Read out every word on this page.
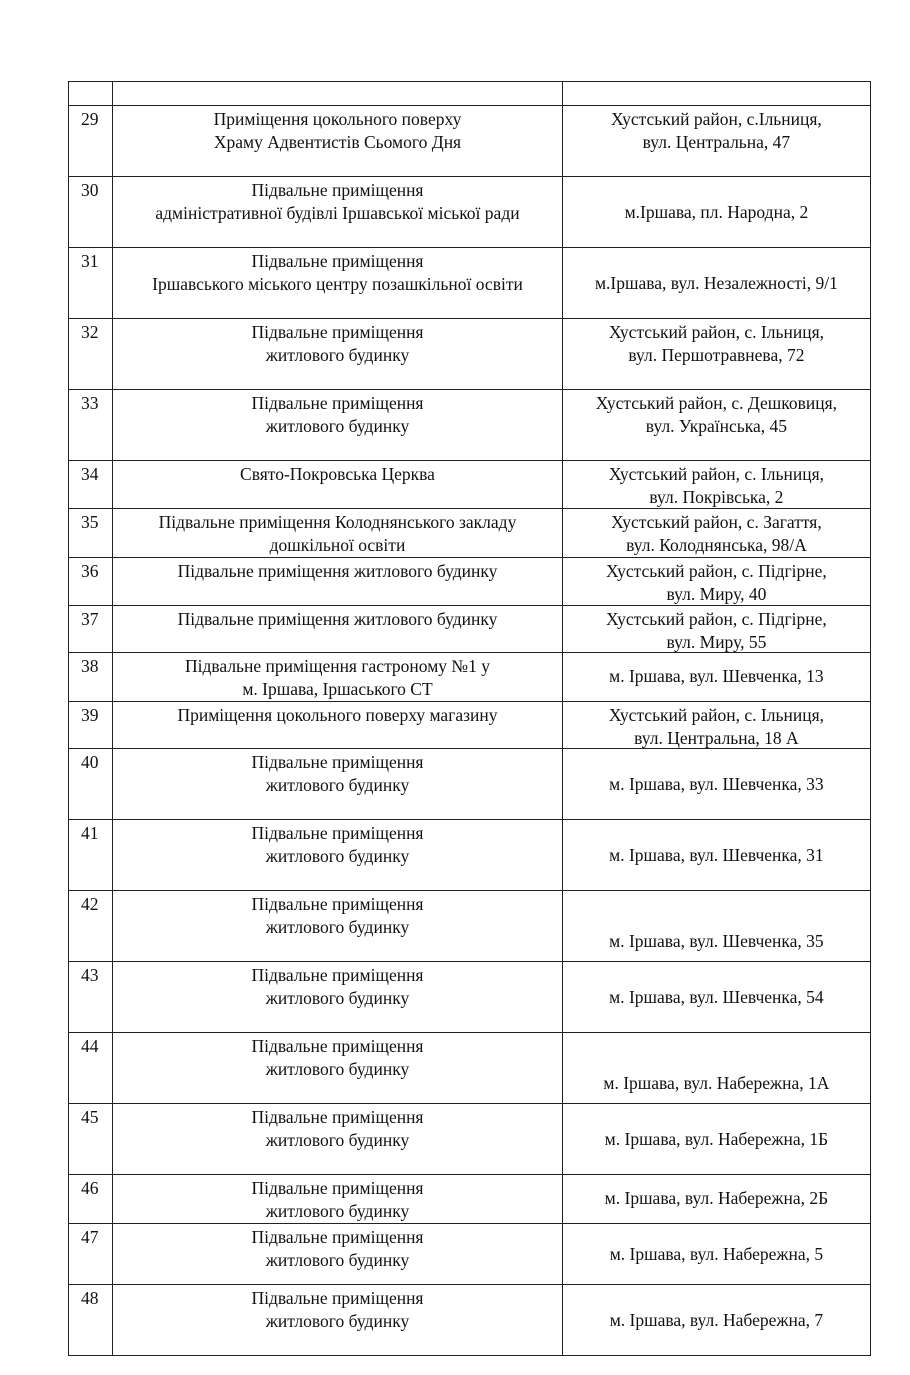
29	Приміщення цокольного поверху
Храму Адвентистів Сьомого Дня	Хустський район, с.Ільниця,
вул. Центральна, 47

30	Підвальне приміщення
адміністративної будівлі Іршавської міської ради	м.Іршава, пл. Народна, 2

31	Підвальне приміщення
Іршавського міського центру позашкільної освіти	м.Іршава, вул. Незалежності, 9/1

32	Підвальне приміщення
житлового будинку	Хустський район, с. Ільниця,
вул. Першотравнева, 72

33	Підвальне приміщення
житлового будинку	Хустський район, с. Дешковиця,
вул. Українська, 45

34	Свято-Покровська Церква	Хустський район, с. Ільниця,
вул. Покрівська, 2

35	Підвальне приміщення Колоднянського закладу
дошкільної освіти	Хустський район, с. Загаття,
вул. Колоднянська, 98/А

36	Підвальне приміщення житлового будинку	Хустський район, с. Підгірне,
вул. Миру, 40

37	Підвальне приміщення житлового будинку	Хустський район, с. Підгірне,
вул. Миру, 55

38	Підвальне приміщення гастроному №1 у
м. Іршава, Іршаського СТ	м. Іршава, вул. Шевченка, 13

39	Приміщення цокольного поверху магазину	Хустський район, с. Ільниця,
вул. Центральна, 18 А

40	Підвальне приміщення
житлового будинку	м. Іршава, вул. Шевченка, 33

41	Підвальне приміщення
житлового будинку	м. Іршава, вул. Шевченка, 31

42	Підвальне приміщення
житлового будинку	м. Іршава, вул. Шевченка, 35

43	Підвальне приміщення
житлового будинку	м. Іршава, вул. Шевченка, 54

44	Підвальне приміщення
житлового будинку	м. Іршава, вул. Набережна, 1А

45	Підвальне приміщення
житлового будинку	м. Іршава, вул. Набережна, 1Б

46	Підвальне приміщення
житлового будинку	м. Іршава, вул. Набережна, 2Б

47	Підвальне приміщення
житлового будинку	м. Іршава, вул. Набережна, 5

48	Підвальне приміщення
житлового будинку	м. Іршава, вул. Набережна, 7
